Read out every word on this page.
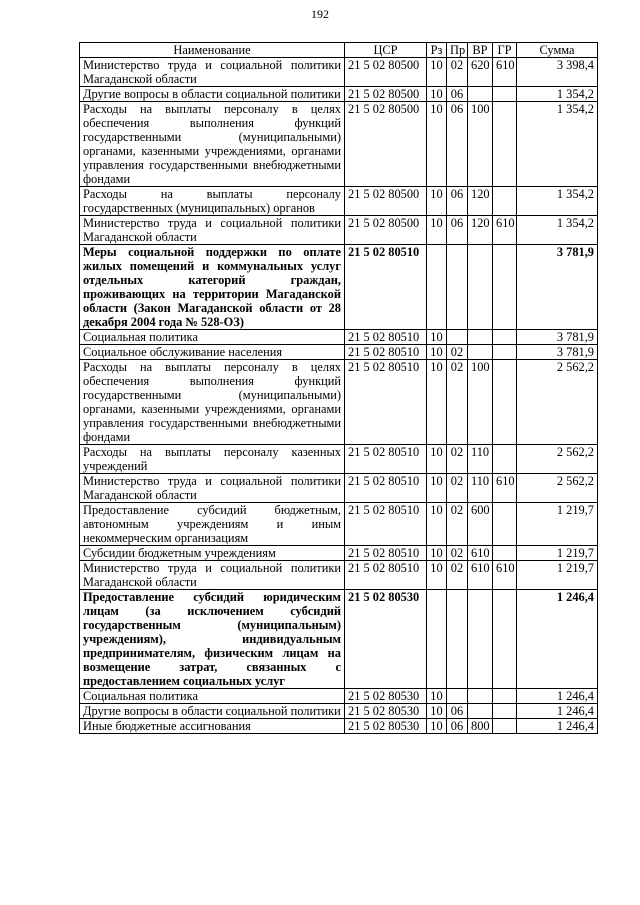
192
Наименование	ЦСР	Рз	Пр	ВР	ГР	Сумма
Министерство труда и социальной политики Магаданской области	21 5 02 80500	10	02	620	610	3 398,4
Другие вопросы в области социальной политики	21 5 02 80500	10	06			1 354,2
Расходы на выплаты персоналу в целях обеспечения выполнения функций государственными (муниципальными) органами, казенными учреждениями, органами управления государственными внебюджетными фондами	21 5 02 80500	10	06	100		1 354,2
Расходы на выплаты персоналу государственных (муниципальных) органов	21 5 02 80500	10	06	120		1 354,2
Министерство труда и социальной политики Магаданской области	21 5 02 80500	10	06	120	610	1 354,2
Меры социальной поддержки по оплате жилых помещений и коммунальных услуг отдельных категорий граждан, проживающих на территории Магаданской области (Закон Магаданской области от 28 декабря 2004 года № 528-ОЗ)	21 5 02 80510					3 781,9
Социальная политика	21 5 02 80510	10				3 781,9
Социальное обслуживание населения	21 5 02 80510	10	02			3 781,9
Расходы на выплаты персоналу в целях обеспечения выполнения функций государственными (муниципальными) органами, казенными учреждениями, органами управления государственными внебюджетными фондами	21 5 02 80510	10	02	100		2 562,2
Расходы на выплаты персоналу казенных учреждений	21 5 02 80510	10	02	110		2 562,2
Министерство труда и социальной политики Магаданской области	21 5 02 80510	10	02	110	610	2 562,2
Предоставление субсидий бюджетным, автономным учреждениям и иным некоммерческим организациям	21 5 02 80510	10	02	600		1 219,7
Субсидии бюджетным учреждениям	21 5 02 80510	10	02	610		1 219,7
Министерство труда и социальной политики Магаданской области	21 5 02 80510	10	02	610	610	1 219,7
Предоставление субсидий юридическим лицам (за исключением субсидий государственным (муниципальным) учреждениям), индивидуальным предпринимателям, физическим лицам на возмещение затрат, связанных с предоставлением социальных услуг	21 5 02 80530					1 246,4
Социальная политика	21 5 02 80530	10				1 246,4
Другие вопросы в области социальной политики	21 5 02 80530	10	06			1 246,4
Иные бюджетные ассигнования	21 5 02 80530	10	06	800		1 246,4
